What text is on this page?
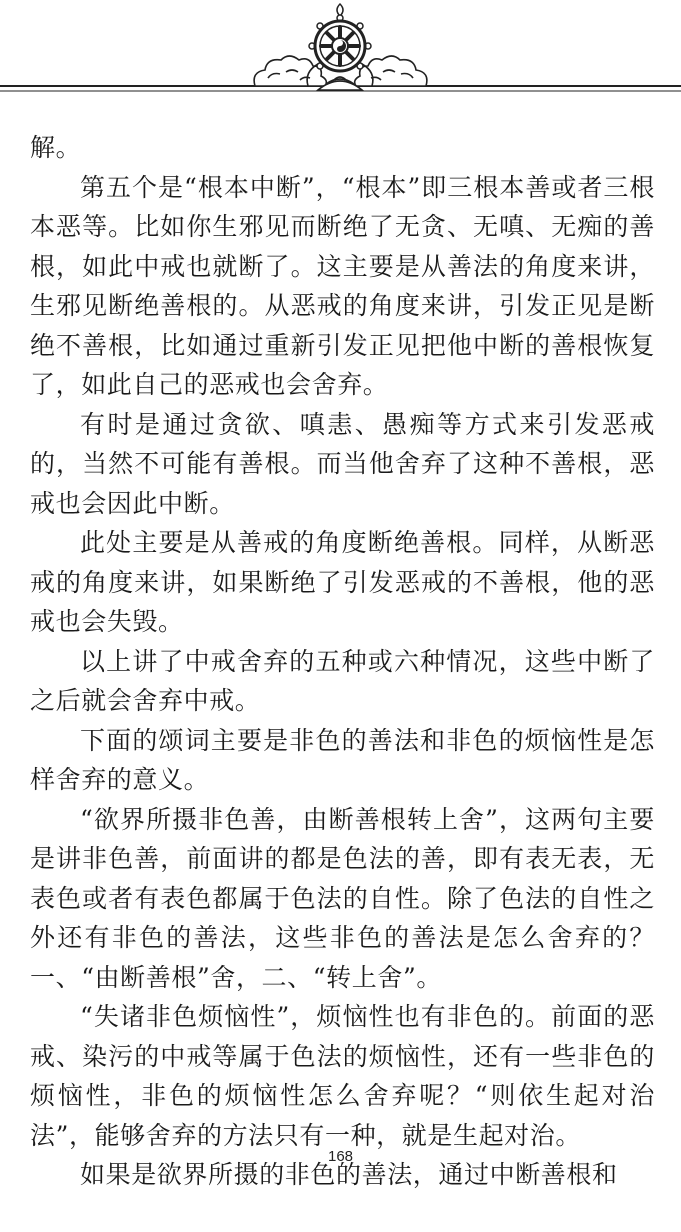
解。

第五个是“根本中断”，“根本”即三根本善或者三根本恶等。比如你生邪见而断绝了无贪、无嗔、无痴的善根，如此中戒也就断了。这主要是从善法的角度来讲，生邪见断绝善根的。从恶戒的角度来讲，引发正见是断绝不善根，比如通过重新引发正见把他中断的善根恢复了，如此自己的恶戒也会舍弃。

有时是通过贪欲、嗔恚、愚痴等方式来引发恶戒的，当然不可能有善根。而当他舍弃了这种不善根，恶戒也会因此中断。

此处主要是从善戒的角度断绝善根。同样，从断恶戒的角度来讲，如果断绝了引发恶戒的不善根，他的恶戒也会失毁。

以上讲了中戒舍弃的五种或六种情况，这些中断了之后就会舍弃中戒。

下面的颂词主要是非色的善法和非色的烦恼性是怎样舍弃的意义。

“欲界所摄非色善，由断善根转上舍”，这两句主要是讲非色善，前面讲的都是色法的善，即有表无表，无表色或者有表色都属于色法的自性。除了色法的自性之外还有非色的善法，这些非色的善法是怎么舍弃的？一、“由断善根”舍，二、“转上舍”。

“失诸非色烦恼性”，烦恼性也有非色的。前面的恶戒、染污的中戒等属于色法的烦恼性，还有一些非色的烦恼性，非色的烦恼性怎么舍弃呢？“则依生起对治法”，能够舍弃的方法只有一种，就是生起对治。

如果是欲界所摄的非色的善法，通过中断善根和

168
